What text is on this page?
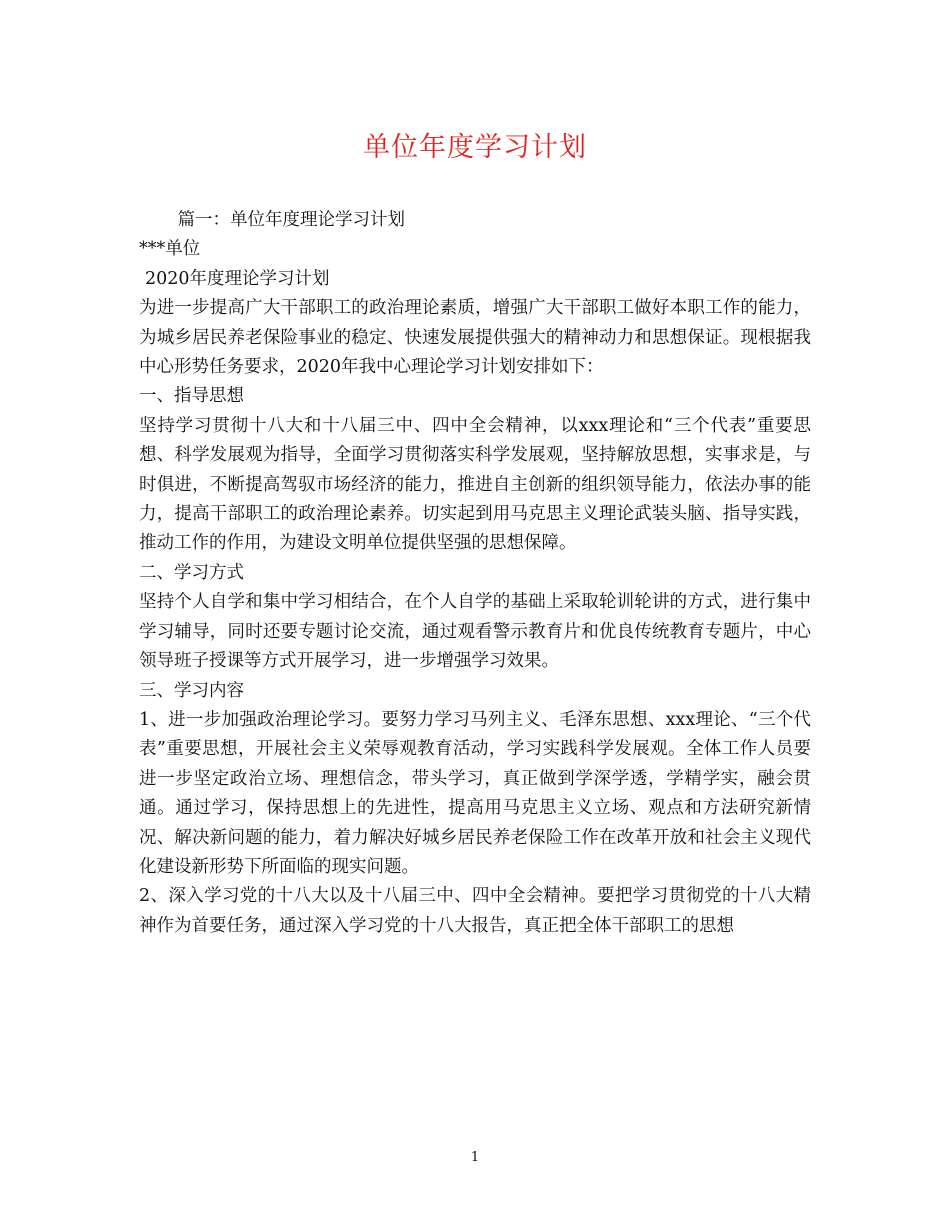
单位年度学习计划

篇一：单位年度理论学习计划

***单位

2020年度理论学习计划

为进一步提高广大干部职工的政治理论素质，增强广大干部职工做好本职工作的能力，为城乡居民养老保险事业的稳定、快速发展提供强大的精神动力和思想保证。现根据我中心形势任务要求，2020年我中心理论学习计划安排如下：

一、指导思想

坚持学习贯彻十八大和十八届三中、四中全会精神，以xxx理论和“三个代表”重要思想、科学发展观为指导，全面学习贯彻落实科学发展观，坚持解放思想，实事求是，与时俱进，不断提高驾驭市场经济的能力，推进自主创新的组织领导能力，依法办事的能力，提高干部职工的政治理论素养。切实起到用马克思主义理论武装头脑、指导实践，推动工作的作用，为建设文明单位提供坚强的思想保障。

二、学习方式

坚持个人自学和集中学习相结合，在个人自学的基础上采取轮训轮讲的方式，进行集中学习辅导，同时还要专题讨论交流，通过观看警示教育片和优良传统教育专题片，中心领导班子授课等方式开展学习，进一步增强学习效果。

三、学习内容

1、进一步加强政治理论学习。要努力学习马列主义、毛泽东思想、xxx理论、“三个代表”重要思想，开展社会主义荣辱观教育活动，学习实践科学发展观。全体工作人员要进一步坚定政治立场、理想信念，带头学习，真正做到学深学透，学精学实，融会贯通。通过学习，保持思想上的先进性，提高用马克思主义立场、观点和方法研究新情况、解决新问题的能力，着力解决好城乡居民养老保险工作在改革开放和社会主义现代化建设新形势下所面临的现实问题。

2、深入学习党的十八大以及十八届三中、四中全会精神。要把学习贯彻党的十八大精神作为首要任务，通过深入学习党的十八大报告，真正把全体干部职工的思想

1
